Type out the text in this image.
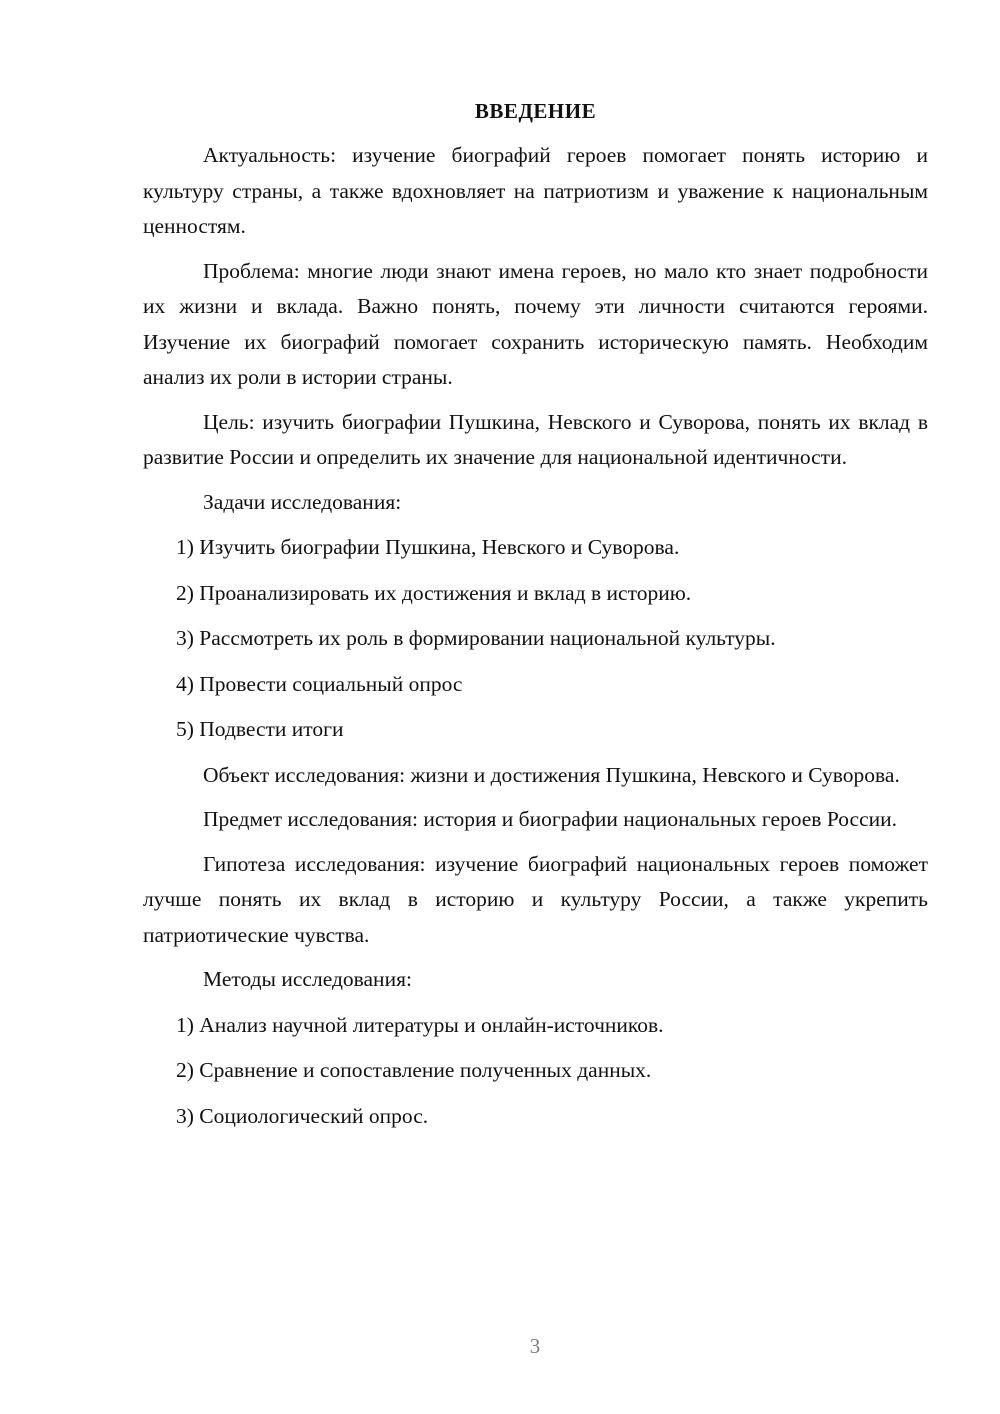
ВВЕДЕНИЕ

Актуальность: изучение биографий героев помогает понять историю и культуру страны, а также вдохновляет на патриотизм и уважение к национальным ценностям.

Проблема: многие люди знают имена героев, но мало кто знает подробности их жизни и вклада. Важно понять, почему эти личности считаются героями. Изучение их биографий помогает сохранить историческую память. Необходим анализ их роли в истории страны.

Цель: изучить биографии Пушкина, Невского и Суворова, понять их вклад в развитие России и определить их значение для национальной идентичности.

Задачи исследования:

1) Изучить биографии Пушкина, Невского и Суворова.
2) Проанализировать их достижения и вклад в историю.
3) Рассмотреть их роль в формировании национальной культуры.
4) Провести социальный опрос
5) Подвести итоги

Объект исследования: жизни и достижения Пушкина, Невского и Суворова.

Предмет исследования: история и биографии национальных героев России.

Гипотеза исследования: изучение биографий национальных героев поможет лучше понять их вклад в историю и культуру России, а также укрепить патриотические чувства.

Методы исследования:

1) Анализ научной литературы и онлайн-источников.
2) Сравнение и сопоставление полученных данных.
3) Социологический опрос.
3
